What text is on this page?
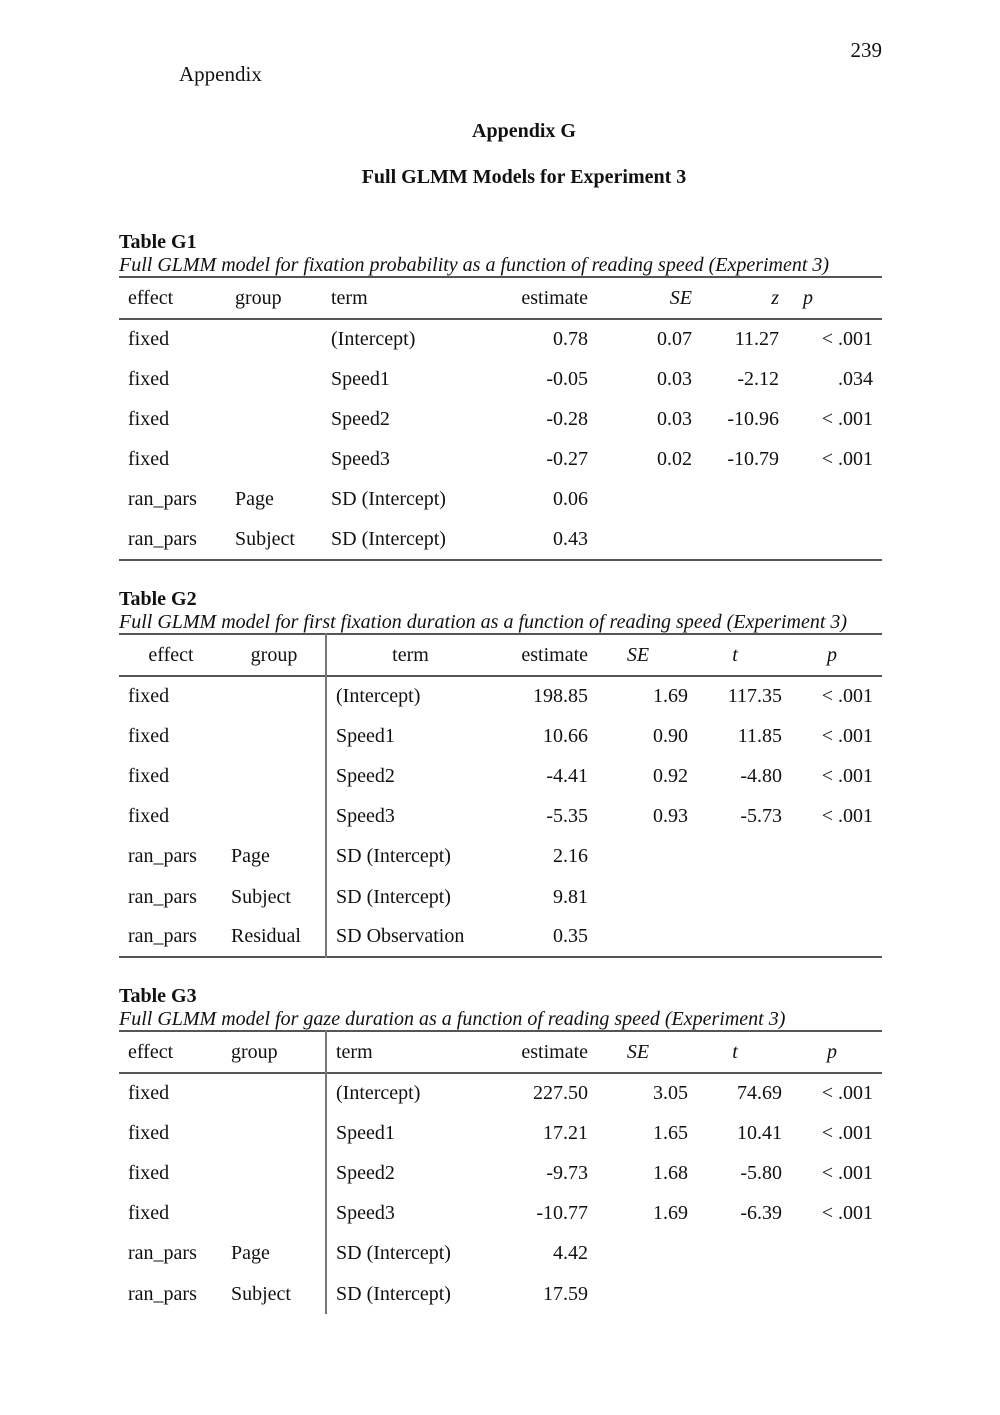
239
Appendix
Appendix G
Full GLMM Models for Experiment 3
Table G1
Full GLMM model for fixation probability as a function of reading speed (Experiment 3)
effect	group	term	estimate	SE	z	p
fixed		(Intercept)	0.78	0.07	11.27	< .001
fixed		Speed1	-0.05	0.03	-2.12	.034
fixed		Speed2	-0.28	0.03	-10.96	< .001
fixed		Speed3	-0.27	0.02	-10.79	< .001
ran_pars	Page	SD (Intercept)	0.06			
ran_pars	Subject	SD (Intercept)	0.43			
Table G2
Full GLMM model for first fixation duration as a function of reading speed (Experiment 3)
effect	group	term	estimate	SE	t	p
fixed		(Intercept)	198.85	1.69	117.35	< .001
fixed		Speed1	10.66	0.90	11.85	< .001
fixed		Speed2	-4.41	0.92	-4.80	< .001
fixed		Speed3	-5.35	0.93	-5.73	< .001
ran_pars	Page	SD (Intercept)	2.16			
ran_pars	Subject	SD (Intercept)	9.81			
ran_pars	Residual	SD Observation	0.35			
Table G3
Full GLMM model for gaze duration as a function of reading speed (Experiment 3)
effect	group	term	estimate	SE	t	p
fixed		(Intercept)	227.50	3.05	74.69	< .001
fixed		Speed1	17.21	1.65	10.41	< .001
fixed		Speed2	-9.73	1.68	-5.80	< .001
fixed		Speed3	-10.77	1.69	-6.39	< .001
ran_pars	Page	SD (Intercept)	4.42			
ran_pars	Subject	SD (Intercept)	17.59			
